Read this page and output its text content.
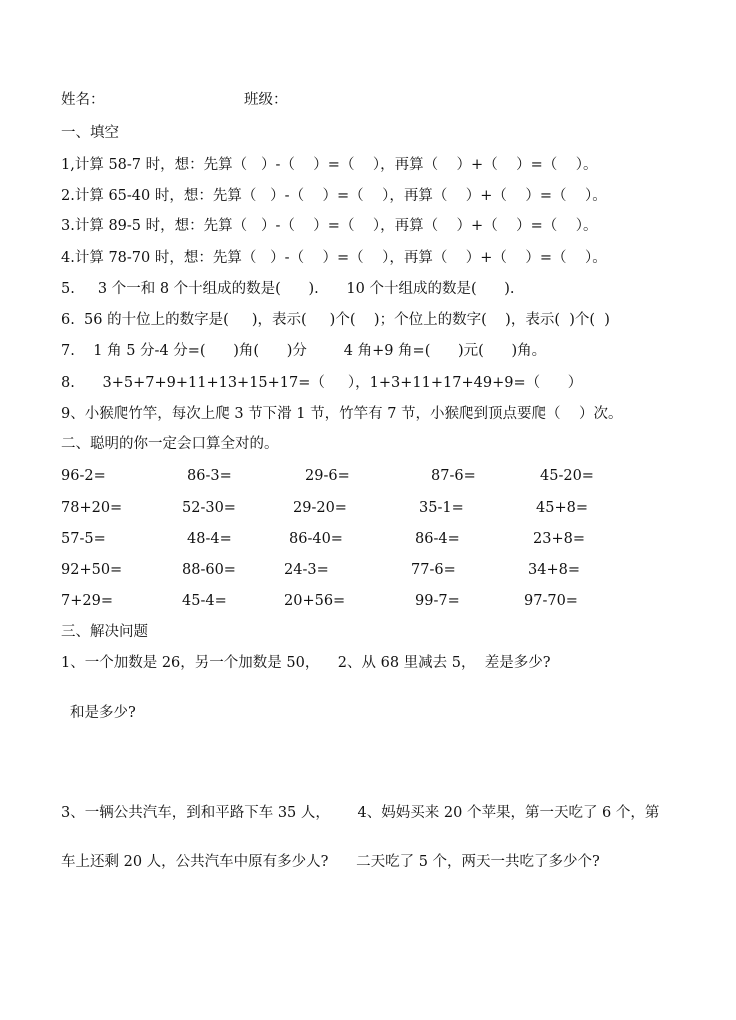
姓名：	班级：
一、填空
1,计算 58-7 时，想：先算（   ）-（    ）=（    ），再算（    ）+（    ）=（    ）。
2.计算 65-40 时，想：先算（   ）-（    ）=（    ），再算（    ）+（    ）=（    ）。
3.计算 89-5 时，想：先算（   ）-（    ）=（    ），再算（    ）+（    ）=（    ）。
4.计算 78-70 时，想：先算（   ）-（    ）=（    ），再算（    ）+（    ）=（    ）。
5.     3 个一和 8 个十组成的数是(      ).      10 个十组成的数是(      ).
6.  56 的十位上的数字是(     )，表示(     )个(    )；个位上的数字(    )，表示(  )个(  )
7.    1 角 5 分-4 分=(      )角(      )分        4 角+9 角=(      )元(      )角。
8.      3+5+7+9+11+13+15+17=（     ），1+3+11+17+49+9=（      ）
9、小猴爬竹竿，每次上爬 3 节下滑 1 节，竹竿有 7 节，小猴爬到顶点要爬（    ）次。
二、聪明的你一定会口算全对的。
96-2=	86-3=	29-6=	87-6=	45-20=
78+20=	52-30=	29-20=	35-1=	45+8=
57-5=	48-4=	86-40=	86-4=	23+8=
92+50=	88-60=	24-3=	77-6=	34+8=
7+29=	45-4=	20+56=	99-7=	97-70=
三、解决问题
1、一个加数是 26，另一个加数是 50，    2、从 68 里减去 5，  差是多少?
和是多少?
3、一辆公共汽车，到和平路下车 35 人，      4、妈妈买来 20 个苹果，第一天吃了 6 个，第
车上还剩 20 人，公共汽车中原有多少人?      二天吃了 5 个，两天一共吃了多少个?
